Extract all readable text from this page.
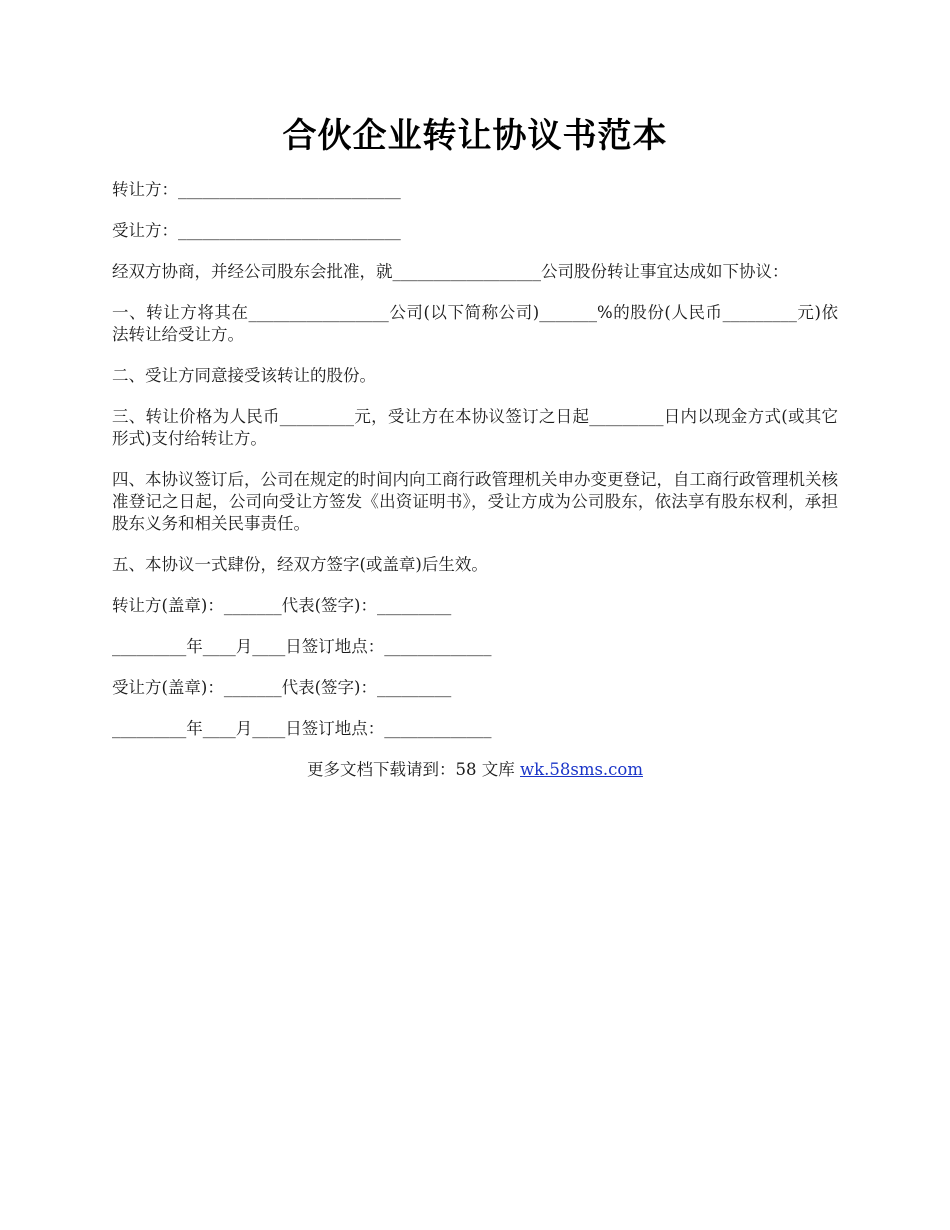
合伙企业转让协议书范本

转让方：___________________________

受让方：___________________________

经双方协商，并经公司股东会批准，就__________________公司股份转让事宜达成如下协议：

一、转让方将其在_________________公司(以下简称公司)_______%的股份(人民币_________元)依法转让给受让方。

二、受让方同意接受该转让的股份。

三、转让价格为人民币_________元，受让方在本协议签订之日起_________日内以现金方式(或其它形式)支付给转让方。

四、本协议签订后，公司在规定的时间内向工商行政管理机关申办变更登记，自工商行政管理机关核准登记之日起，公司向受让方签发《出资证明书》，受让方成为公司股东，依法享有股东权利，承担股东义务和相关民事责任。

五、本协议一式肆份，经双方签字(或盖章)后生效。

转让方(盖章)：_______代表(签字)：_________

_________年____月____日签订地点：_____________

受让方(盖章)：_______代表(签字)：_________

_________年____月____日签订地点：_____________

更多文档下载请到：58 文库 wk.58sms.com
